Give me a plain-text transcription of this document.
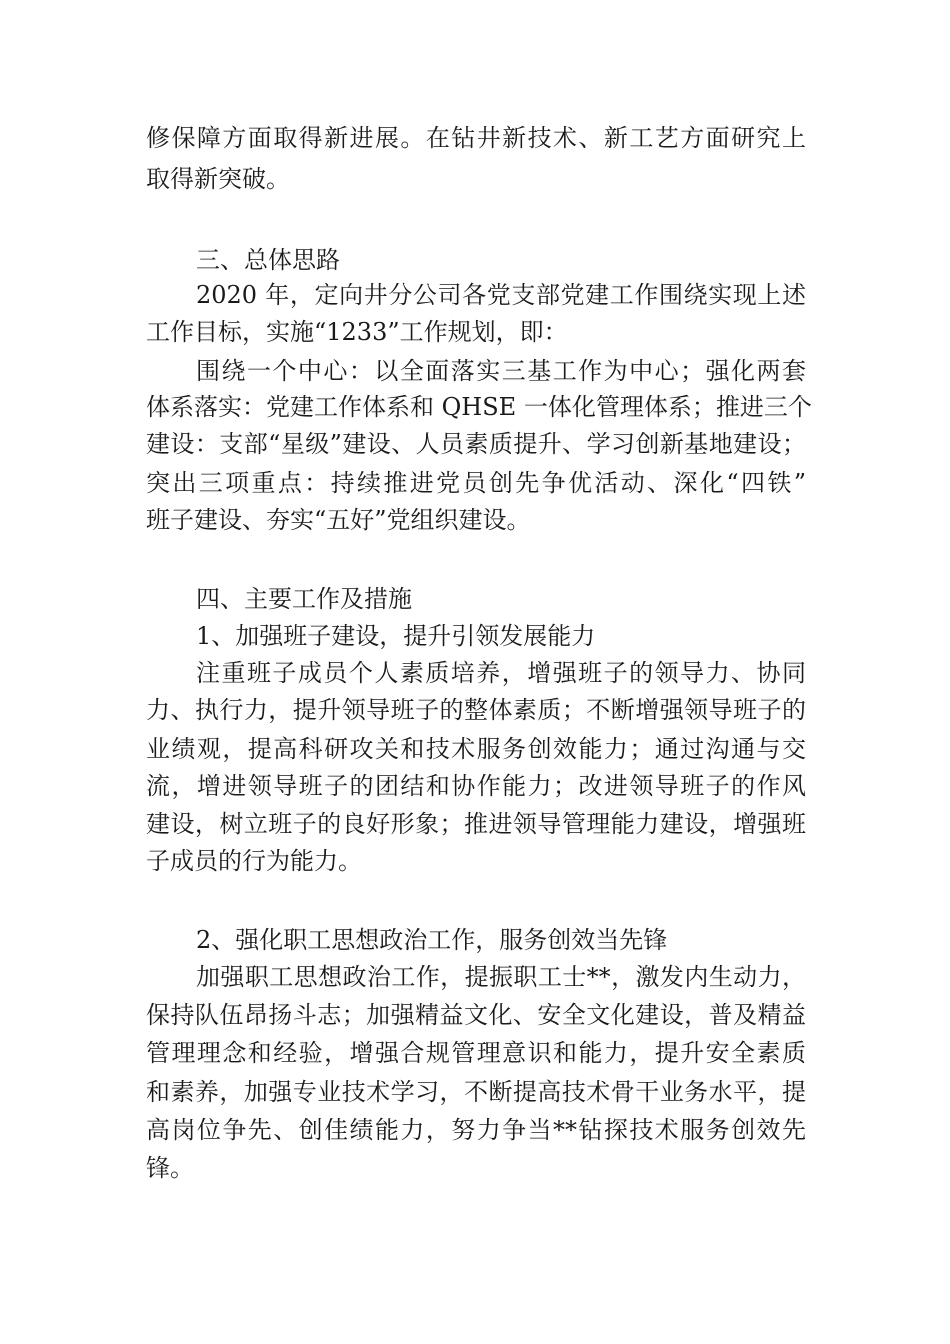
修保障方面取得新进展。在钻井新技术、新工艺方面研究上
取得新突破。
三、总体思路
2020 年，定向井分公司各党支部党建工作围绕实现上述
工作目标，实施“1233”工作规划，即：
围绕一个中心：以全面落实三基工作为中心；强化两套
体系落实：党建工作体系和 QHSE 一体化管理体系；推进三个
建设：支部“星级”建设、人员素质提升、学习创新基地建设；
突出三项重点：持续推进党员创先争优活动、深化“四铁”
班子建设、夯实“五好”党组织建设。
四、主要工作及措施
1、加强班子建设，提升引领发展能力
注重班子成员个人素质培养，增强班子的领导力、协同
力、执行力，提升领导班子的整体素质；不断增强领导班子的
业绩观，提高科研攻关和技术服务创效能力；通过沟通与交
流，增进领导班子的团结和协作能力；改进领导班子的作风
建设，树立班子的良好形象；推进领导管理能力建设，增强班
子成员的行为能力。
2、强化职工思想政治工作，服务创效当先锋
加强职工思想政治工作，提振职工士**，激发内生动力，
保持队伍昂扬斗志；加强精益文化、安全文化建设，普及精益
管理理念和经验，增强合规管理意识和能力，提升安全素质
和素养，加强专业技术学习，不断提高技术骨干业务水平，提
高岗位争先、创佳绩能力，努力争当**钻探技术服务创效先
锋。
